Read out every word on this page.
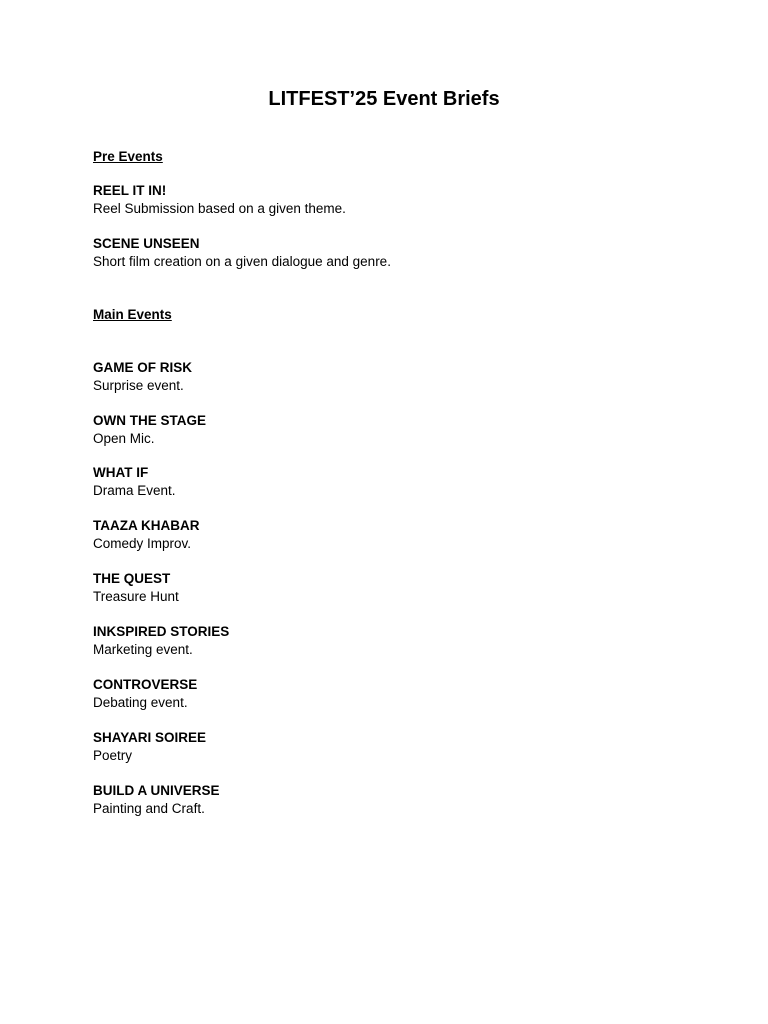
LITFEST’25 Event Briefs
Pre Events
REEL IT IN!
Reel Submission based on a given theme.
SCENE UNSEEN
Short film creation on a given dialogue and genre.
Main Events
GAME OF RISK
Surprise event.
OWN THE STAGE
Open Mic.
WHAT IF
Drama Event.
TAAZA KHABAR
Comedy Improv.
THE QUEST
Treasure Hunt
INKSPIRED STORIES
Marketing event.
CONTROVERSE
Debating event.
SHAYARI SOIREE
Poetry
BUILD A UNIVERSE
Painting and Craft.
